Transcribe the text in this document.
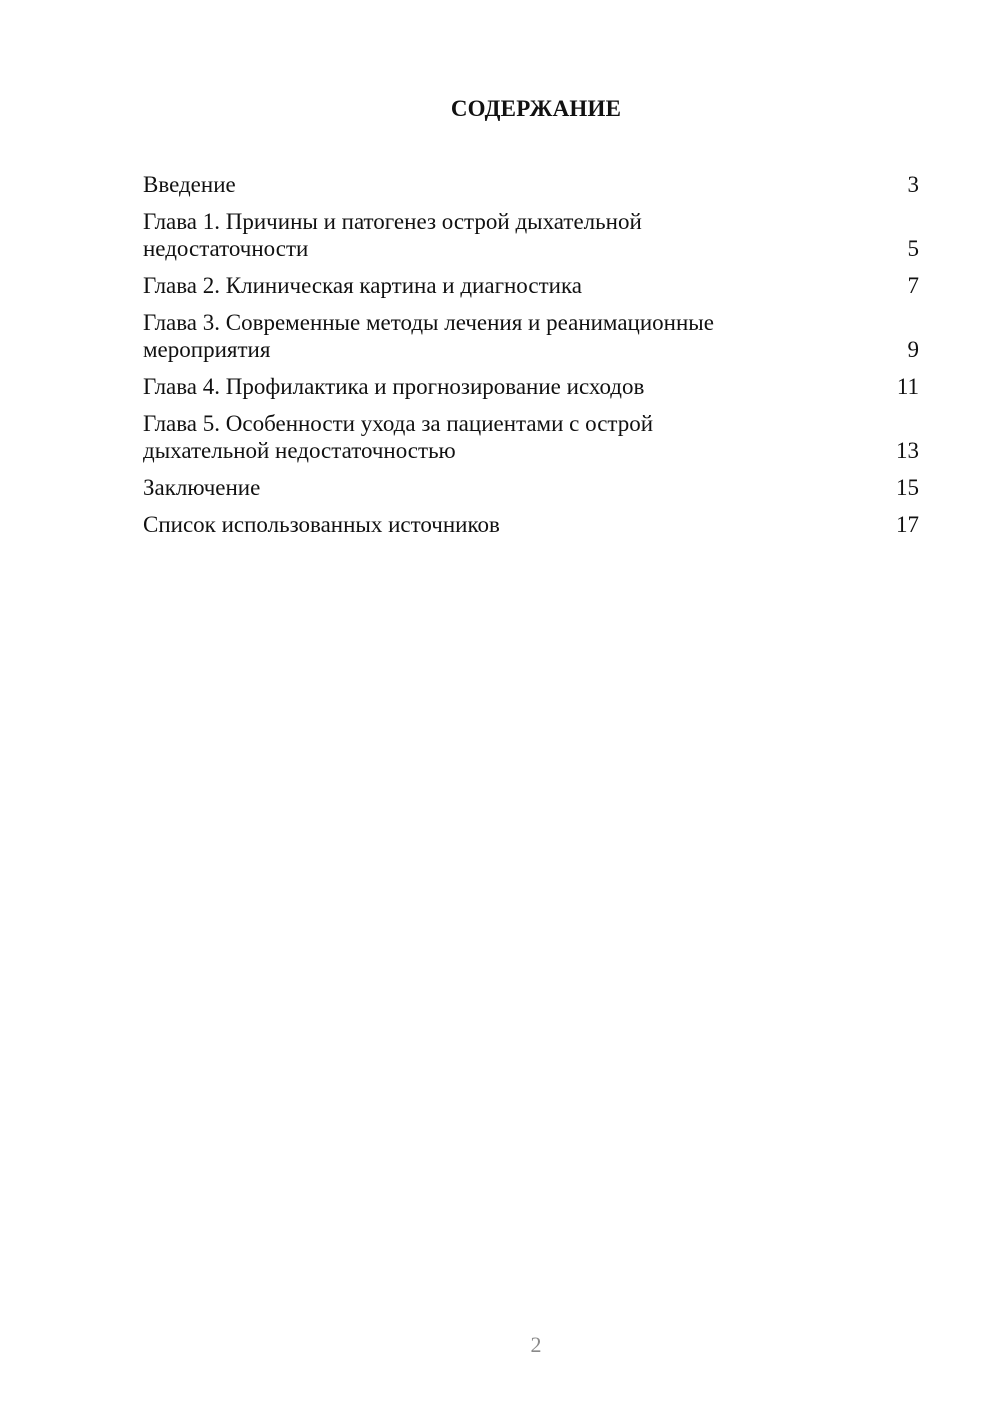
СОДЕРЖАНИЕ
Введение	3
Глава 1. Причины и патогенез острой дыхательной
недостаточности	5
Глава 2. Клиническая картина и диагностика	7
Глава 3. Современные методы лечения и реанимационные
мероприятия	9
Глава 4. Профилактика и прогнозирование исходов	11
Глава 5. Особенности ухода за пациентами с острой
дыхательной недостаточностью	13
Заключение	15
Список использованных источников	17
2
